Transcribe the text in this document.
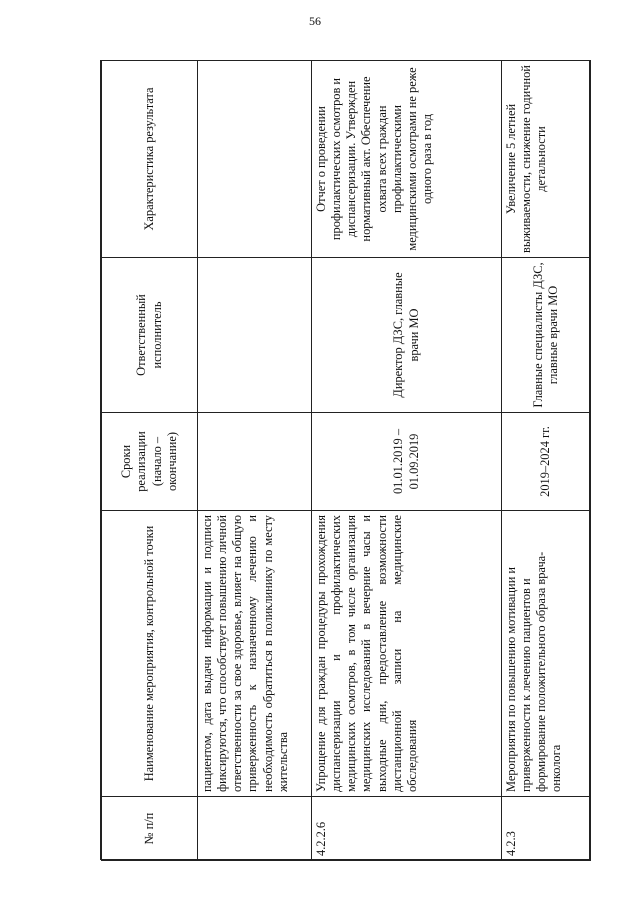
56
№ п/п	Наименование мероприятия, контрольной точки	Сроки реализации (начало – окончание)	Ответственный исполнитель	Характеристика результата
	пациентом, дата выдачи информации и подписи фиксируются, что способствует повышению личной ответственности за свое здоровье, влияет на общую приверженность к назначенному лечению и необходимость обратиться в поликлинику по месту жительства			
4.2.2.6	Упрощение для граждан процедуры прохождения диспансеризации и профилактических медицинских осмотров, в том числе организация медицинских исследований в вечерние часы и выходные дни, предоставление возможности дистанционной записи на медицинские обследования	01.01.2019 – 01.09.2019	Директор ДЗС, главные врачи МО	Отчет о проведении профилактических осмотров и диспансеризации. Утвержден нормативный акт. Обеспечение охвата всех граждан профилактическими медицинскими осмотрами не реже одного раза в год
4.2.3	Мероприятия по повышению мотивации и приверженности к лечению пациентов и формирование положительного образа врача-онколога	2019–2024 гг.	Главные специалисты ДЗС, главные врачи МО	Увеличение 5 летней выживаемости, снижение годичной детальности
